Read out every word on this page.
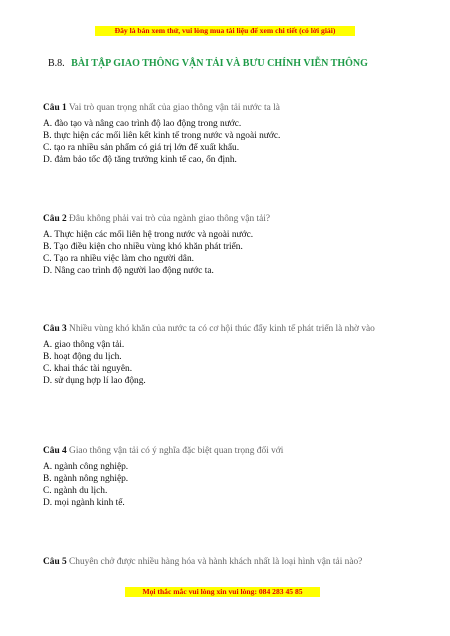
Đây là bản xem thử, vui lòng mua tài liệu để xem chi tiết (có lời giải)
B.8. BÀI TẬP GIAO THÔNG VẬN TẢI VÀ BƯU CHÍNH VIỄN THÔNG
Câu 1 Vai trò quan trọng nhất của giao thông vận tải nước ta là
A. đào tạo và nâng cao trình độ lao động trong nước.
B. thực hiện các mối liên kết kinh tế trong nước và ngoài nước.
C. tạo ra nhiều sản phẩm có giá trị lớn để xuất khẩu.
D. đảm bảo tốc độ tăng trưởng kinh tế cao, ổn định.
Câu 2 Đâu không phải vai trò của ngành giao thông vận tải?
A. Thực hiện các mối liên hệ trong nước và ngoài nước.
B. Tạo điều kiện cho nhiều vùng khó khăn phát triển.
C. Tạo ra nhiều việc làm cho người dân.
D. Nâng cao trình độ người lao động nước ta.
Câu 3 Nhiều vùng khó khăn của nước ta có cơ hội thúc đẩy kinh tế phát triển là nhờ vào
A. giao thông vận tải.
B. hoạt động du lịch.
C. khai thác tài nguyên.
D. sử dụng hợp lí lao động.
Câu 4 Giao thông vận tải có ý nghĩa đặc biệt quan trọng đối với
A. ngành công nghiệp.
B. ngành nông nghiệp.
C. ngành du lịch.
D. mọi ngành kinh tế.
Câu 5 Chuyên chở được nhiều hàng hóa và hành khách nhất là loại hình vận tải nào?
Mọi thắc mắc vui lòng xin vui lòng: 084 283 45 85
